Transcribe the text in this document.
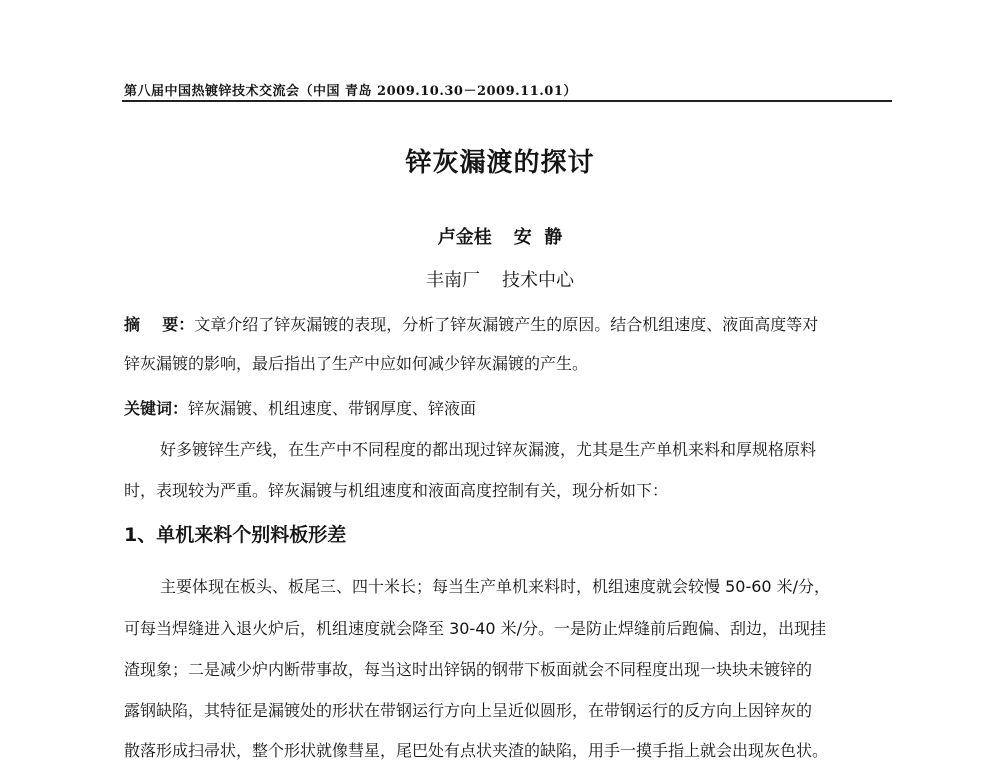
第八届中国热镀锌技术交流会（中国 青岛 2009.10.30－2009.11.01）
锌灰漏渡的探讨
卢金桂 安  静
丰南厂 技术中心
摘    要：文章介绍了锌灰漏镀的表现，分析了锌灰漏镀产生的原因。结合机组速度、液面高度等对
锌灰漏镀的影响，最后指出了生产中应如何减少锌灰漏镀的产生。
关键词：锌灰漏镀、机组速度、带钢厚度、锌液面
好多镀锌生产线，在生产中不同程度的都出现过锌灰漏渡，尤其是生产单机来料和厚规格原料
时，表现较为严重。锌灰漏镀与机组速度和液面高度控制有关，现分析如下：
1、单机来料个别料板形差
主要体现在板头、板尾三、四十米长；每当生产单机来料时，机组速度就会较慢 50-60 米/分，
可每当焊缝进入退火炉后，机组速度就会降至 30-40 米/分。一是防止焊缝前后跑偏、刮边，出现挂
渣现象；二是减少炉内断带事故，每当这时出锌锅的钢带下板面就会不同程度出现一块块未镀锌的
露钢缺陷，其特征是漏镀处的形状在带钢运行方向上呈近似圆形，在带钢运行的反方向上因锌灰的
散落形成扫帚状，整个形状就像彗星，尾巴处有点状夹渣的缺陷，用手一摸手指上就会出现灰色状。
